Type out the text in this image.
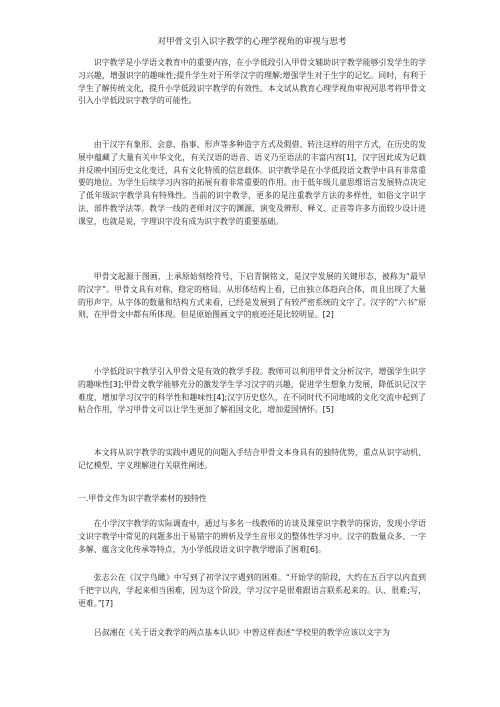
对甲骨文引入识字教学的心理学视角的审视与思考

识字教学是小学语文教育中的重要内容，在小学低段引入甲骨文辅助识字教学能够引发学生的学习兴趣，增强识字的趣味性;提升学生对于所学汉字的理解;增强学生对于生字的记忆。同时，有利于学生了解传统文化，提升小学低段识字教学的有效性。本文试从教育心理学视角审视河思考将甲骨文引入小学低段识字教学的可能性。

由于汉字有象形、会意、指事、形声等多种造字方式及假借、转注这样的用字方式，在历史的发展中蕴藏了大量有关中华文化，有关汉语的语音、语义乃至语法的丰富内容[1]，汉字因此成为记载并反映中国历史文化变迁，具有文化特质的信息载体。识字教学是在小学低段语文教学中具有非常重要的地位。为学生后续学习内容的拓展有着非常重要的作用。由于低年级儿童思维语言发展特点决定了低年级识字教学具有特殊性。当前的识字教学，更多的是注重教学方法的多样性，如俗文字识字法、部件教学法等。教学一线的老师对汉字的渊源、演变及辨形、释义、正音等许多方面较少设计进课堂，也就是说，字理识字没有成为识字教学的重要基础。

甲骨文起源于图画，上承原始刻绘符号，下启青铜铭文，是汉字发展的关键形态，被称为“最早的汉字”。甲骨文具有对称、稳定的格局。从形体结构上看，已由独立体趋向合体，而且出现了大量的形声字。从字体的数量和结构方式来看，已经是发展到了有较严密系统的文字了。汉字的“六书”原则，在甲骨文中都有所体现。但是原始图画文字的痕迹还是比较明显。[2]

小学低段识字教学引入甲骨文是有效的教学手段。教师可以利用甲骨文分析汉字，增强学生识字的趣味性[3];甲骨文教学能够充分的激发学生学习汉字的兴趣，促进学生想象力发展，降低识记汉字难度，增加学习汉字的科学性和趣味性[4];汉字历史悠久，在不同时代不同地域的文化交流中起到了粘合作用，学习甲骨文可以让学生更加了解祖国文化，增加爱国情怀。[5]

本文将从识字教学的实践中遇见的问题入手结合甲骨文本身具有的独特优势，重点从识字动机、记忆模型、字义理解进行关联性阐述。

一.甲骨文作为识字教学素材的独特性

在小学汉字教学的实际调查中，通过与多名一线教师的访谈及课堂识字教学的探访，发现小学语文识字教学中常见的问题多出于易错字的辨析及学生音形义的整体性学习中。汉字的数量众多、一字多解、蕴含文化传承等特点，为小学低段语文识字教学增添了困难[6]。

张志公在《汉字鸟瞰》中写到了初学汉字遇到的困难。“开始学的阶段，大约在五百字以内直到千把字以内，学起来相当困难，因为这个阶段，学习汉字是很难跟语言联系起来的。认、很难;写，更难。”[7]

吕叔湘在《关于语文教学的两点基本认识》中曾这样表述“学校里的教学应该以文字为
